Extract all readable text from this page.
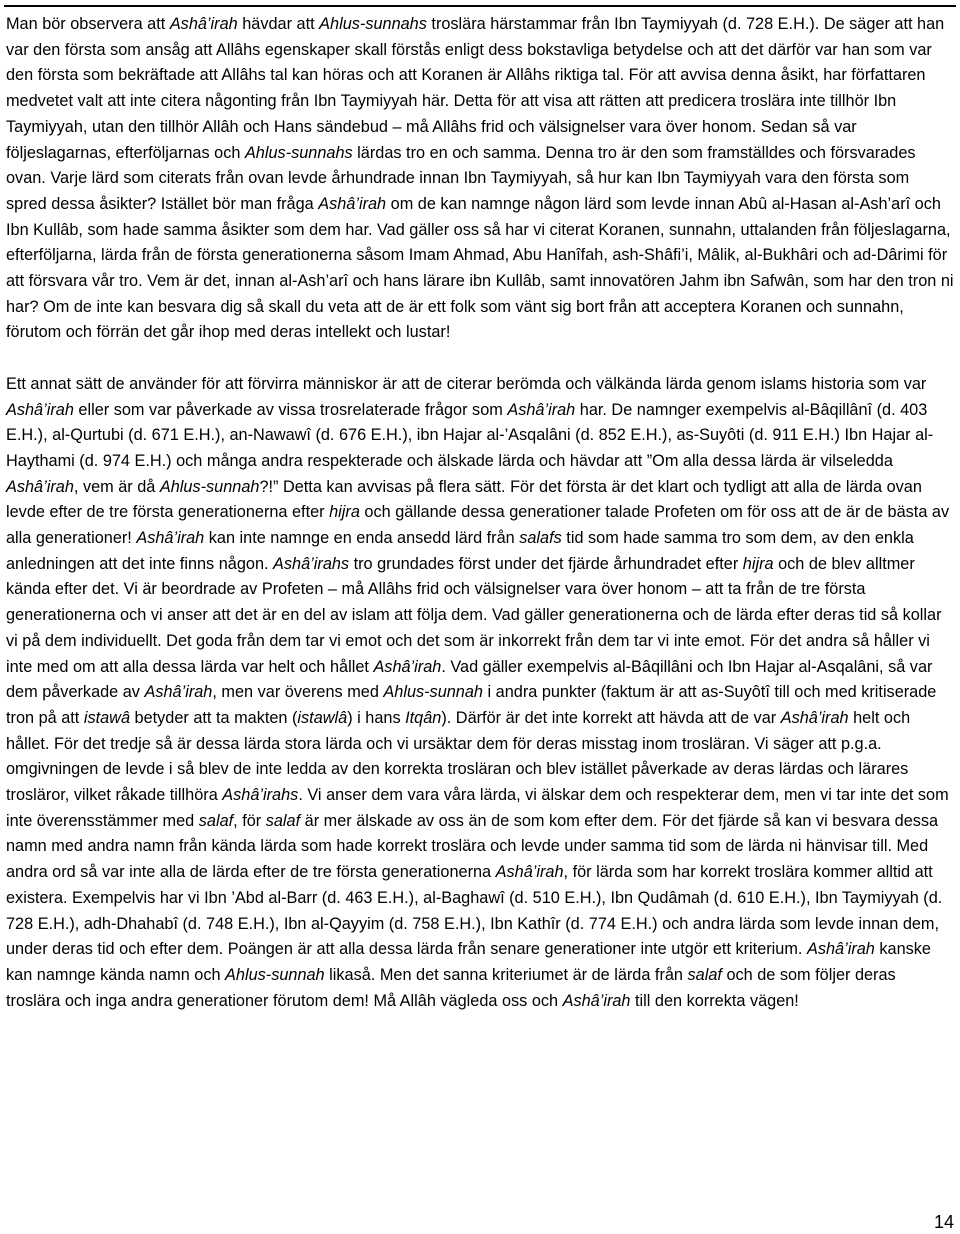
Man bör observera att Ashâ’irah hävdar att Ahlus-sunnahs troslära härstammar från Ibn Taymiyyah (d. 728 E.H.). De säger att han var den första som ansåg att Allâhs egenskaper skall förstås enligt dess bokstavliga betydelse och att det därför var han som var den första som bekräftade att Allâhs tal kan höras och att Koranen är Allâhs riktiga tal. För att avvisa denna åsikt, har författaren medvetet valt att inte citera någonting från Ibn Taymiyyah här. Detta för att visa att rätten att predicera troslära inte tillhör Ibn Taymiyyah, utan den tillhör Allâh och Hans sändebud – må Allâhs frid och välsignelser vara över honom. Sedan så var följeslagarnas, efterföljarnas och Ahlus-sunnahs lärdas tro en och samma. Denna tro är den som framställdes och försvarades ovan. Varje lärd som citerats från ovan levde århundrade innan Ibn Taymiyyah, så hur kan Ibn Taymiyyah vara den första som spred dessa åsikter? Istället bör man fråga Ashâ’irah om de kan namnge någon lärd som levde innan Abû al-Hasan al-Ash’arî och Ibn Kullâb, som hade samma åsikter som dem har. Vad gäller oss så har vi citerat Koranen, sunnahn, uttalanden från följeslagarna, efterföljarna, lärda från de första generationerna såsom Imam Ahmad, Abu Hanîfah, ash-Shâfi’i, Mâlik, al-Bukhâri och ad-Dârimi för att försvara vår tro. Vem är det, innan al-Ash’arî och hans lärare ibn Kullâb, samt innovatören Jahm ibn Safwân, som har den tron ni har? Om de inte kan besvara dig så skall du veta att de är ett folk som vänt sig bort från att acceptera Koranen och sunnahn, förutom och förrän det går ihop med deras intellekt och lustar!

Ett annat sätt de använder för att förvirra människor är att de citerar berömda och välkända lärda genom islams historia som var Ashâ’irah eller som var påverkade av vissa trosrelaterade frågor som Ashâ’irah har. De namnger exempelvis al-Bâqillânî (d. 403 E.H.), al-Qurtubi (d. 671 E.H.), an-Nawawî (d. 676 E.H.), ibn Hajar al-’Asqalâni (d. 852 E.H.), as-Suyôti (d. 911 E.H.) Ibn Hajar al-Haythami (d. 974 E.H.) och många andra respekterade och älskade lärda och hävdar att ”Om alla dessa lärda är vilseledda Ashâ’irah, vem är då Ahlus-sunnah?!” Detta kan avvisas på flera sätt. För det första är det klart och tydligt att alla de lärda ovan levde efter de tre första generationerna efter hijra och gällande dessa generationer talade Profeten om för oss att de är de bästa av alla generationer! Ashâ’irah kan inte namnge en enda ansedd lärd från salafs tid som hade samma tro som dem, av den enkla anledningen att det inte finns någon. Ashâ’irahs tro grundades först under det fjärde århundradet efter hijra och de blev alltmer kända efter det. Vi är beordrade av Profeten – må Allâhs frid och välsignelser vara över honom – att ta från de tre första generationerna och vi anser att det är en del av islam att följa dem. Vad gäller generationerna och de lärda efter deras tid så kollar vi på dem individuellt. Det goda från dem tar vi emot och det som är inkorrekt från dem tar vi inte emot. För det andra så håller vi inte med om att alla dessa lärda var helt och hållet Ashâ’irah. Vad gäller exempelvis al-Bâqillâni och Ibn Hajar al-Asqalâni, så var dem påverkade av Ashâ’irah, men var överens med Ahlus-sunnah i andra punkter (faktum är att as-Suyôtî till och med kritiserade tron på att istawâ betyder att ta makten (istawlâ) i hans Itqân). Därför är det inte korrekt att hävda att de var Ashâ’irah helt och hållet. För det tredje så är dessa lärda stora lärda och vi ursäktar dem för deras misstag inom trosläran. Vi säger att p.g.a. omgivningen de levde i så blev de inte ledda av den korrekta trosläran och blev istället påverkade av deras lärdas och lärares trosläror, vilket råkade tillhöra Ashâ’irahs. Vi anser dem vara våra lärda, vi älskar dem och respekterar dem, men vi tar inte det som inte överensstämmer med salaf, för salaf är mer älskade av oss än de som kom efter dem. För det fjärde så kan vi besvara dessa namn med andra namn från kända lärda som hade korrekt troslära och levde under samma tid som de lärda ni hänvisar till. Med andra ord så var inte alla de lärda efter de tre första generationerna Ashâ’irah, för lärda som har korrekt troslära kommer alltid att existera. Exempelvis har vi Ibn ’Abd al-Barr (d. 463 E.H.), al-Baghawî (d. 510 E.H.), Ibn Qudâmah (d. 610 E.H.), Ibn Taymiyyah (d. 728 E.H.), adh-Dhahabî (d. 748 E.H.), Ibn al-Qayyim (d. 758 E.H.), Ibn Kathîr (d. 774 E.H.) och andra lärda som levde innan dem, under deras tid och efter dem. Poängen är att alla dessa lärda från senare generationer inte utgör ett kriterium. Ashâ’irah kanske kan namnge kända namn och Ahlus-sunnah likaså. Men det sanna kriteriumet är de lärda från salaf och de som följer deras troslära och inga andra generationer förutom dem! Må Allâh vägleda oss och Ashâ’irah till den korrekta vägen!

14
